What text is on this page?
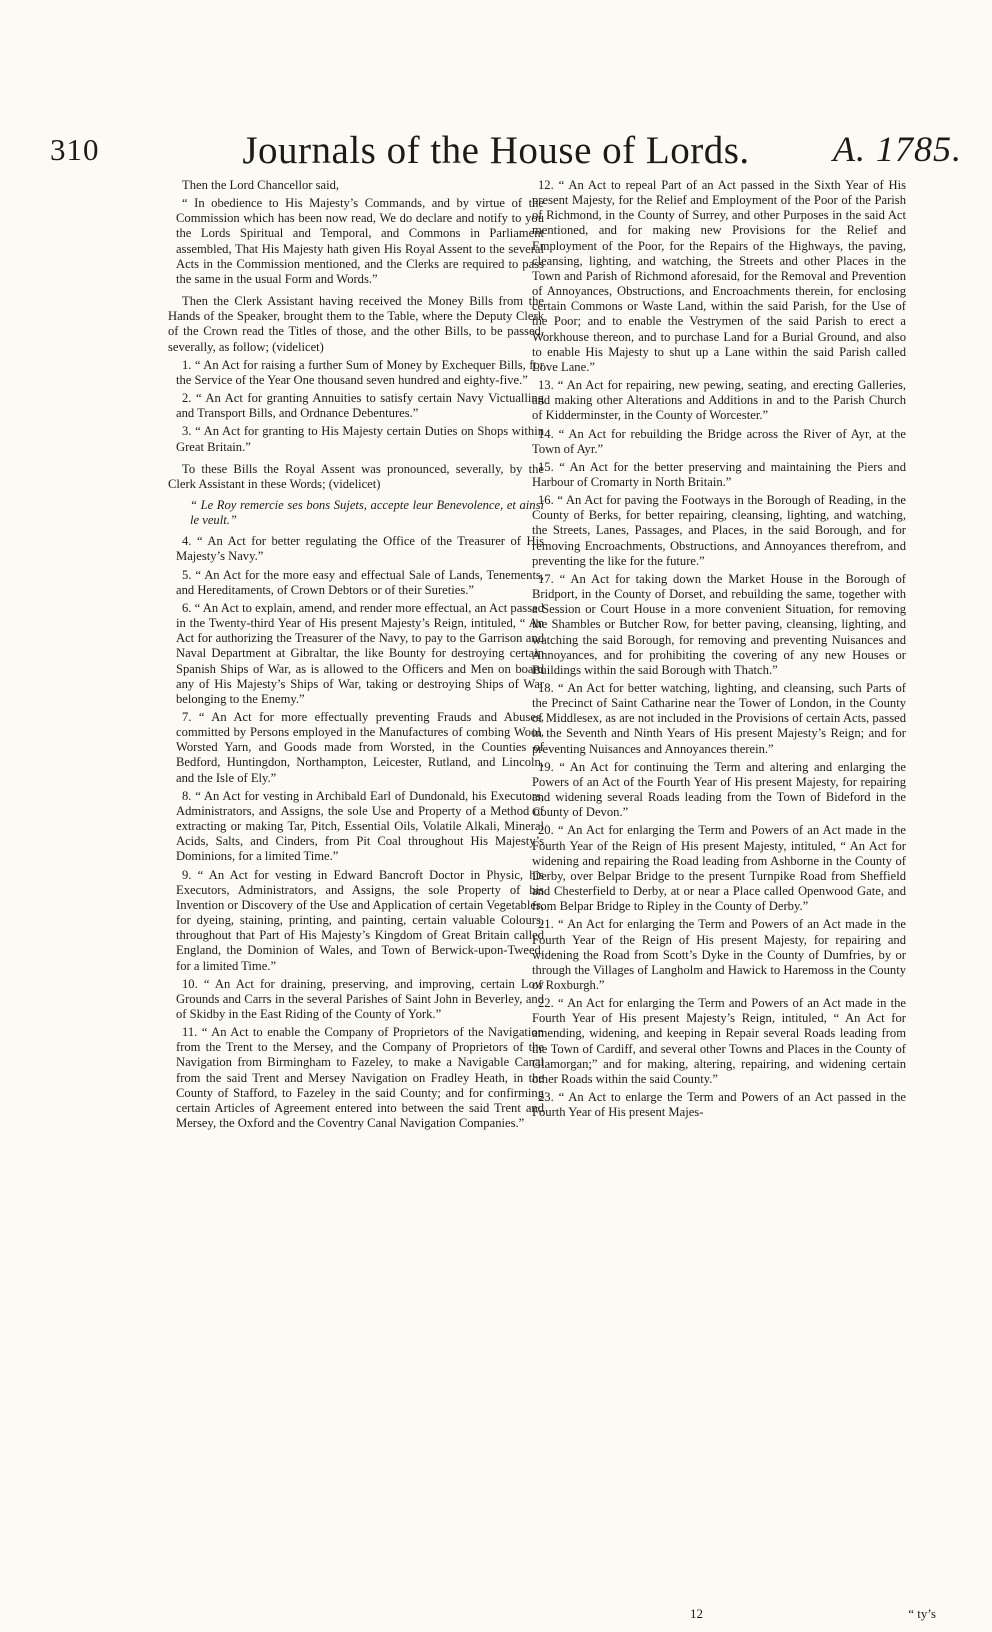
310	Journals of the House of Lords.	A. 1785.

Then the Lord Chancellor said,

“ In obedience to His Majesty’s Commands, and by virtue of the Commission which has been now read, We do declare and notify to you the Lords Spiritual and Temporal, and Commons in Parliament assembled, That His Majesty hath given His Royal Assent to the several Acts in the Commission mentioned, and the Clerks are required to pass the same in the usual Form and Words.”

Then the Clerk Assistant having received the Money Bills from the Hands of the Speaker, brought them to the Table, where the Deputy Clerk of the Crown read the Titles of those, and the other Bills, to be passed, severally, as follow; (videlicet)

1. “ An Act for raising a further Sum of Money by Exchequer Bills, for the Service of the Year One thousand seven hundred and eighty-five.”

2. “ An Act for granting Annuities to satisfy certain Navy Victualling and Transport Bills, and Ordnance Debentures.”

3. “ An Act for granting to His Majesty certain Duties on Shops within Great Britain.”

To these Bills the Royal Assent was pronounced, severally, by the Clerk Assistant in these Words; (videlicet)

“ Le Roy remercie ses bons Sujets, accepte leur Benevolence, et ainsi le veult.”

4. “ An Act for better regulating the Office of the Treasurer of His Majesty’s Navy.”

5. “ An Act for the more easy and effectual Sale of Lands, Tenements, and Hereditaments, of Crown Debtors or of their Sureties.”

6. “ An Act to explain, amend, and render more effectual, an Act passed in the Twenty-third Year of His present Majesty’s Reign, intituled, “ An Act for authorizing the Treasurer of the Navy, to pay to the Garrison and Naval Department at Gibraltar, the like Bounty for destroying certain Spanish Ships of War, as is allowed to the Officers and Men on board any of His Majesty’s Ships of War, taking or destroying Ships of War belonging to the Enemy.”

7. “ An Act for more effectually preventing Frauds and Abuses, committed by Persons employed in the Manufactures of combing Wool, Worsted Yarn, and Goods made from Worsted, in the Counties of Bedford, Huntingdon, Northampton, Leicester, Rutland, and Lincoln, and the Isle of Ely.”

8. “ An Act for vesting in Archibald Earl of Dundonald, his Executors, Administrators, and Assigns, the sole Use and Property of a Method of extracting or making Tar, Pitch, Essential Oils, Volatile Alkali, Mineral Acids, Salts, and Cinders, from Pit Coal throughout His Majesty’s Dominions, for a limited Time.”

9. “ An Act for vesting in Edward Bancroft Doctor in Physic, his Executors, Administrators, and Assigns, the sole Property of his Invention or Discovery of the Use and Application of certain Vegetables, for dyeing, staining, printing, and painting, certain valuable Colours, throughout that Part of His Majesty’s Kingdom of Great Britain called England, the Dominion of Wales, and Town of Berwick-upon-Tweed, for a limited Time.”

10. “ An Act for draining, preserving, and improving, certain Low Grounds and Carrs in the several Parishes of Saint John in Beverley, and of Skidby in the East Riding of the County of York.”

11. “ An Act to enable the Company of Proprietors of the Navigation from the Trent to the Mersey, and the Company of Proprietors of the Navigation from Birmingham to Fazeley, to make a Navigable Canal from the said Trent and Mersey Navigation on Fradley Heath, in the County of Stafford, to Fazeley in the said County; and for confirming certain Articles of Agreement entered into between the said Trent and Mersey, the Oxford and the Coventry Canal Navigation Companies.”

12. “ An Act to repeal Part of an Act passed in the Sixth Year of His present Majesty, for the Relief and Employment of the Poor of the Parish of Richmond, in the County of Surrey, and other Purposes in the said Act mentioned, and for making new Provisions for the Relief and Employment of the Poor, for the Repairs of the Highways, the paving, cleansing, lighting, and watching, the Streets and other Places in the Town and Parish of Richmond aforesaid, for the Removal and Prevention of Annoyances, Obstructions, and Encroachments therein, for enclosing certain Commons or Waste Land, within the said Parish, for the Use of the Poor; and to enable the Vestrymen of the said Parish to erect a Workhouse thereon, and to purchase Land for a Burial Ground, and also to enable His Majesty to shut up a Lane within the said Parish called Love Lane.”

13. “ An Act for repairing, new pewing, seating, and erecting Galleries, and making other Alterations and Additions in and to the Parish Church of Kidderminster, in the County of Worcester.”

14. “ An Act for rebuilding the Bridge across the River of Ayr, at the Town of Ayr.”

15. “ An Act for the better preserving and maintaining the Piers and Harbour of Cromarty in North Britain.”

16. “ An Act for paving the Footways in the Borough of Reading, in the County of Berks, for better repairing, cleansing, lighting, and watching, the Streets, Lanes, Passages, and Places, in the said Borough, and for removing Encroachments, Obstructions, and Annoyances therefrom, and preventing the like for the future.”

17. “ An Act for taking down the Market House in the Borough of Bridport, in the County of Dorset, and rebuilding the same, together with a Session or Court House in a more convenient Situation, for removing the Shambles or Butcher Row, for better paving, cleansing, lighting, and watching the said Borough, for removing and preventing Nuisances and Annoyances, and for prohibiting the covering of any new Houses or Buildings within the said Borough with Thatch.”

18. “ An Act for better watching, lighting, and cleansing, such Parts of the Precinct of Saint Catharine near the Tower of London, in the County of Middlesex, as are not included in the Provisions of certain Acts, passed in the Seventh and Ninth Years of His present Majesty’s Reign; and for preventing Nuisances and Annoyances therein.”

19. “ An Act for continuing the Term and altering and enlarging the Powers of an Act of the Fourth Year of His present Majesty, for repairing and widening several Roads leading from the Town of Bideford in the County of Devon.”

20. “ An Act for enlarging the Term and Powers of an Act made in the Fourth Year of the Reign of His present Majesty, intituled, “ An Act for widening and repairing the Road leading from Ashborne in the County of Derby, over Belpar Bridge to the present Turnpike Road from Sheffield and Chesterfield to Derby, at or near a Place called Openwood Gate, and from Belpar Bridge to Ripley in the County of Derby.”

21. “ An Act for enlarging the Term and Powers of an Act made in the Fourth Year of the Reign of His present Majesty, for repairing and widening the Road from Scott’s Dyke in the County of Dumfries, by or through the Villages of Langholm and Hawick to Haremoss in the County of Roxburgh.”

22. “ An Act for enlarging the Term and Powers of an Act made in the Fourth Year of His present Majesty’s Reign, intituled, “ An Act for amending, widening, and keeping in Repair several Roads leading from the Town of Cardiff, and several other Towns and Places in the County of Glamorgan;” and for making, altering, repairing, and widening certain other Roads within the said County.”

23. “ An Act to enlarge the Term and Powers of an Act passed in the Fourth Year of His present Majes-

12	“ ty’s
